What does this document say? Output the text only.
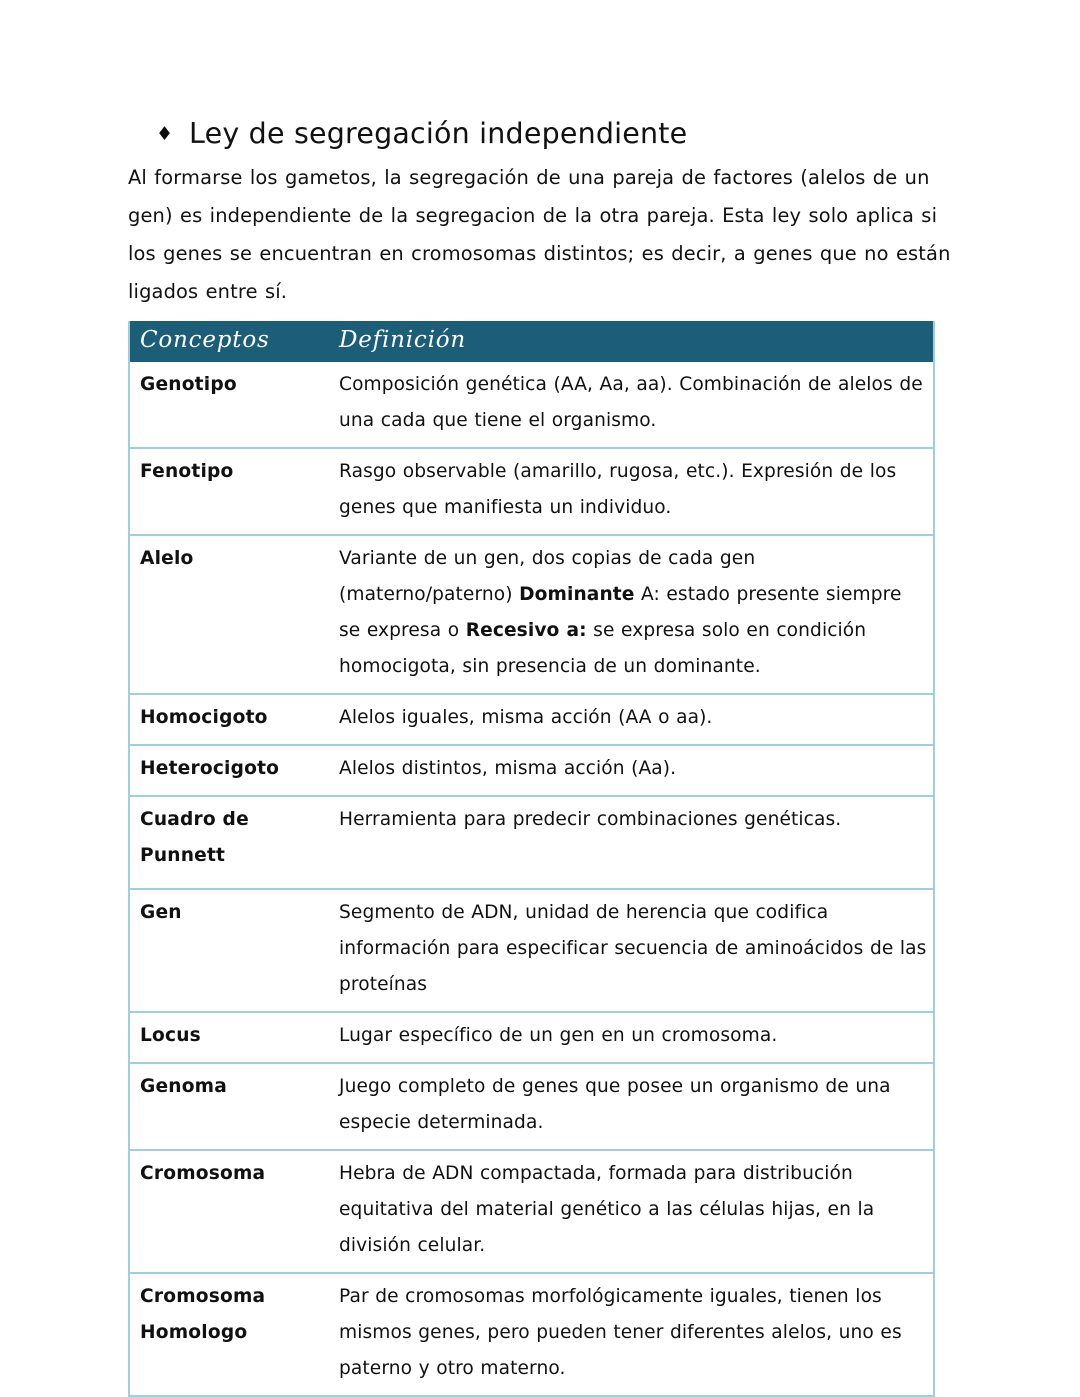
♦ Ley de segregación independiente

Al formarse los gametos, la segregación de una pareja de factores (alelos de un gen) es independiente de la segregacion de la otra pareja. Esta ley solo aplica si los genes se encuentran en cromosomas distintos; es decir, a genes que no están ligados entre sí.

Conceptos	Definición
Genotipo	Composición genética (AA, Aa, aa). Combinación de alelos de una cada que tiene el organismo.
Fenotipo	Rasgo observable (amarillo, rugosa, etc.). Expresión de los genes que manifiesta un individuo.
Alelo	Variante de un gen, dos copias de cada gen (materno/paterno) Dominante A: estado presente siempre se expresa o Recesivo a: se expresa solo en condición homocigota, sin presencia de un dominante.
Homocigoto	Alelos iguales, misma acción (AA o aa).
Heterocigoto	Alelos distintos, misma acción (Aa).
Cuadro de Punnett	Herramienta para predecir combinaciones genéticas.
Gen	Segmento de ADN, unidad de herencia que codifica información para especificar secuencia de aminoácidos de las proteínas
Locus	Lugar específico de un gen en un cromosoma.
Genoma	Juego completo de genes que posee un organismo de una especie determinada.
Cromosoma	Hebra de ADN compactada, formada para distribución equitativa del material genético a las células hijas, en la división celular.
Cromosoma Homologo	Par de cromosomas morfológicamente iguales, tienen los mismos genes, pero pueden tener diferentes alelos, uno es paterno y otro materno.
